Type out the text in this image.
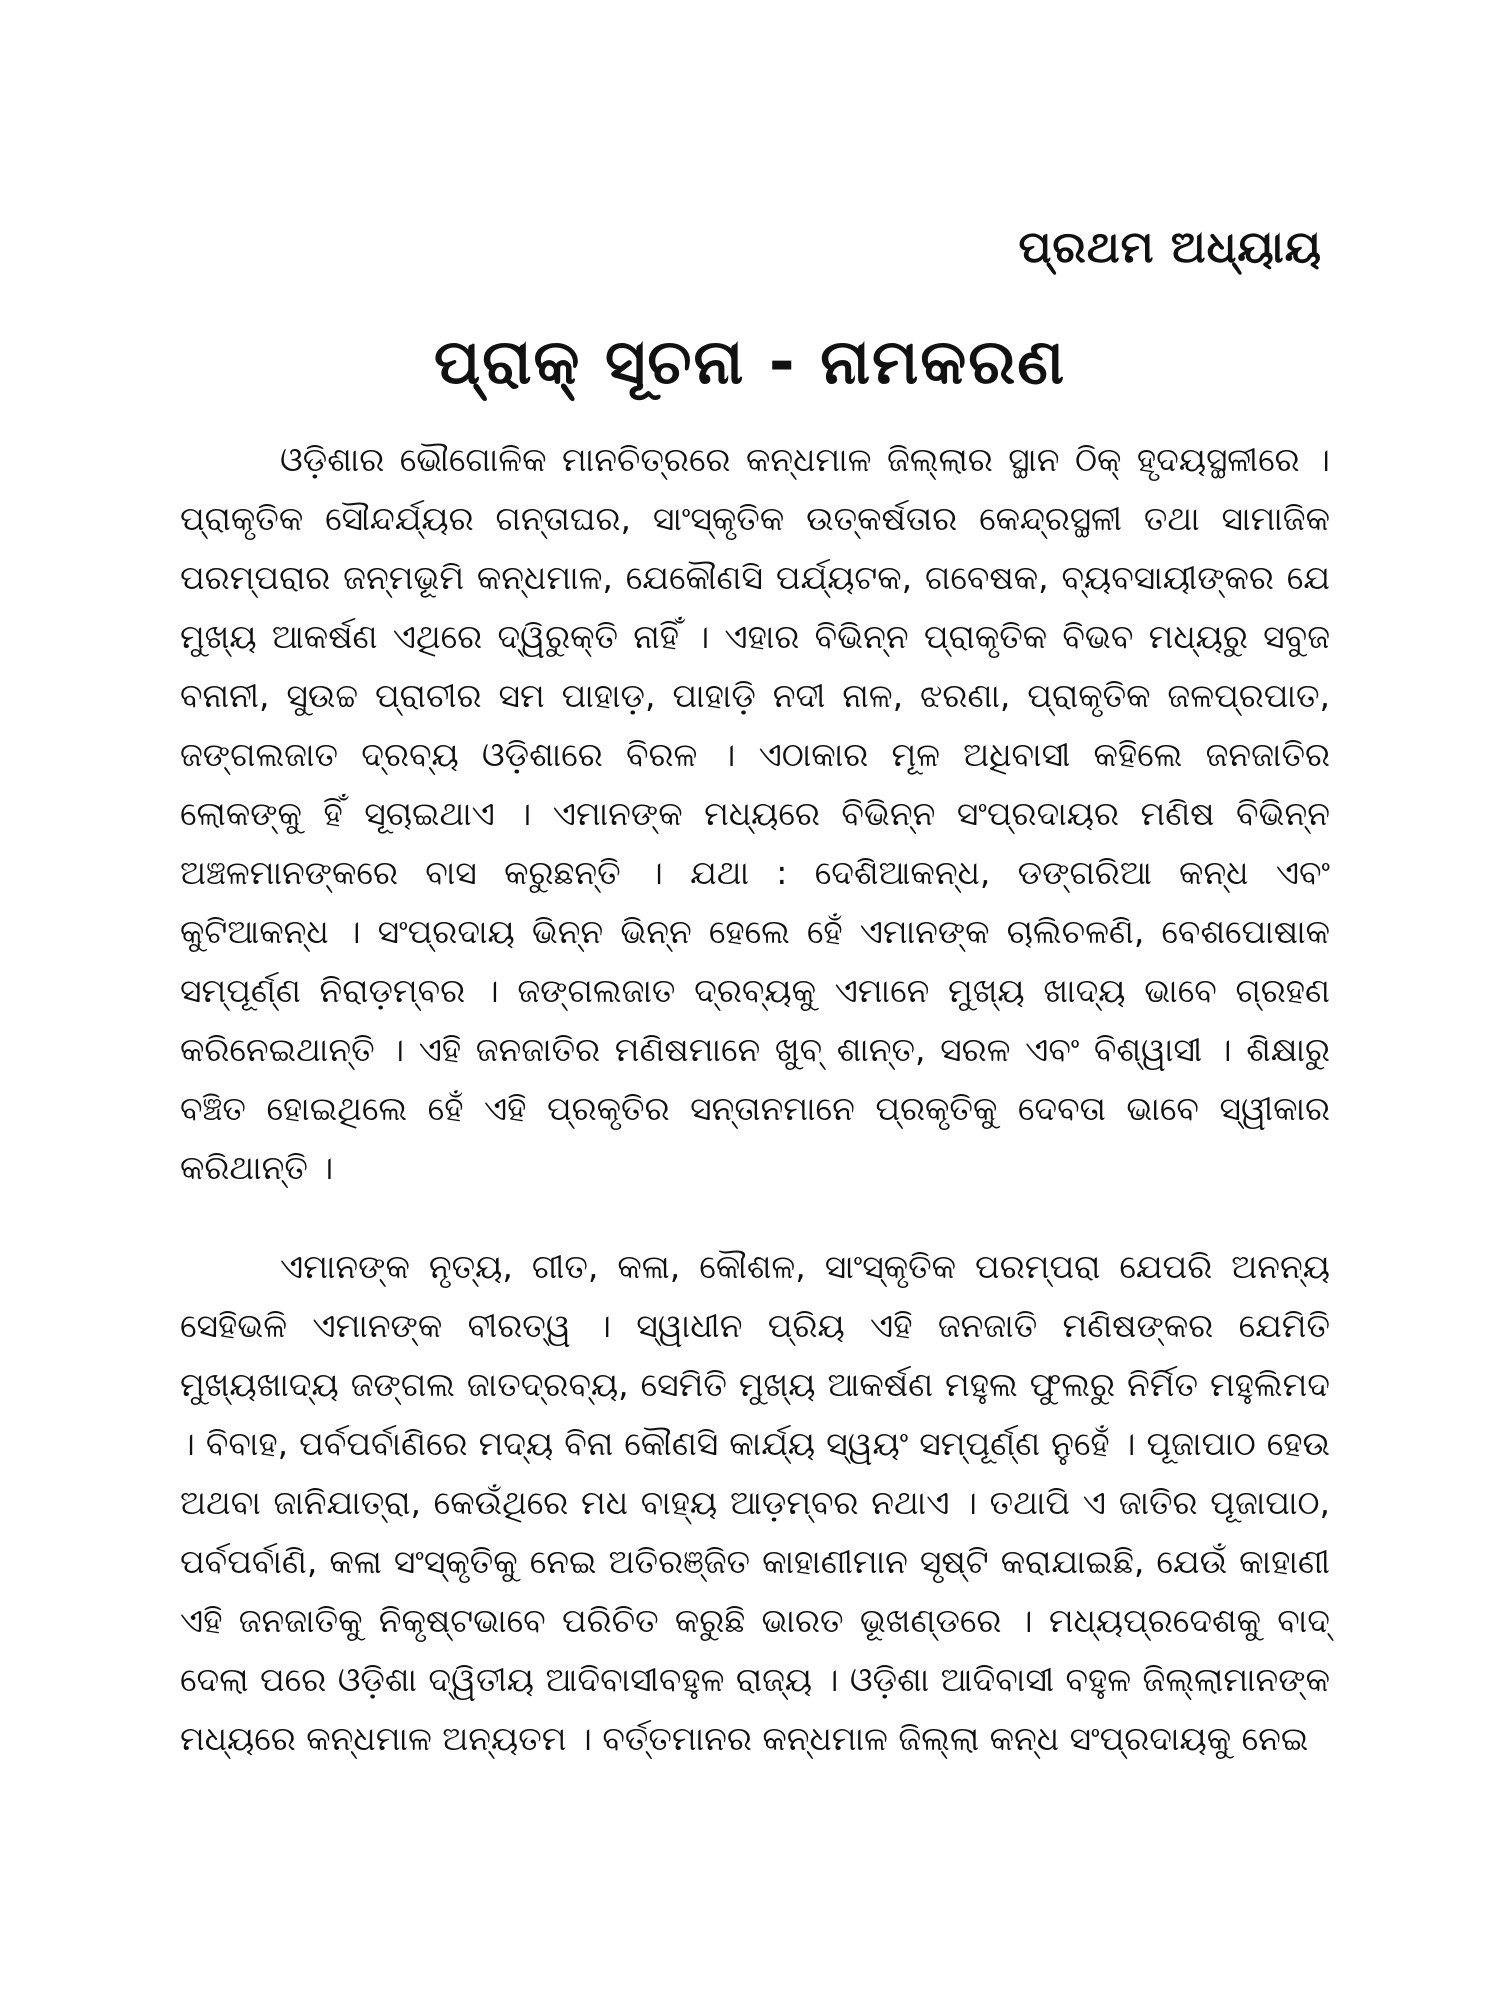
ପ୍ରଥମ ଅଧ୍ୟାୟ
ପ୍ରାକ୍ ସୂଚନା - ନାମକରଣ

ଓଡ଼ିଶାର ଭୌଗୋଳିକ ମାନଚିତ୍ରରେ କନ୍ଧମାଳ ଜିଲ୍ଲାର ସ୍ଥାନ ଠିକ୍ ହୃଦୟସ୍ଥଳୀରେ । ପ୍ରାକୃତିକ ସୌନ୍ଦର୍ଯ୍ୟର ଗନ୍ତାଘର, ସାଂସ୍କୃତିକ ଉତ୍କର୍ଷତାର କେନ୍ଦ୍ରସ୍ଥଳୀ ତଥା ସାମାଜିକ ପରମ୍ପରାର ଜନ୍ମଭୂମି କନ୍ଧମାଳ, ଯେକୌଣସି ପର୍ଯ୍ୟଟକ, ଗବେଷକ, ବ୍ୟବସାୟୀଙ୍କର ଯେ ମୁଖ୍ୟ ଆକର୍ଷଣ ଏଥିରେ ଦ୍ୱିରୁକ୍ତି ନାହିଁ । ଏହାର ବିଭିନ୍ନ ପ୍ରାକୃତିକ ବିଭବ ମଧ୍ୟରୁ ସବୁଜ ବନାନୀ, ସୁଉଚ୍ଚ ପ୍ରାଚୀର ସମ ପାହାଡ଼, ପାହାଡ଼ି ନଦୀ ନାଳ, ଝରଣା, ପ୍ରାକୃତିକ ଜଳପ୍ରପାତ, ଜଙ୍ଗଲଜାତ ଦ୍ରବ୍ୟ ଓଡ଼ିଶାରେ ବିରଳ । ଏଠାକାର ମୂଳ ଅଧିବାସୀ କହିଲେ ଜନଜାତିର ଲୋକଙ୍କୁ ହିଁ ସୂଚାଇଥାଏ । ଏମାନଙ୍କ ମଧ୍ୟରେ ବିଭିନ୍ନ ସଂପ୍ରଦାୟର ମଣିଷ ବିଭିନ୍ନ ଅଞ୍ଚଳମାନଙ୍କରେ ବାସ କରୁଛନ୍ତି । ଯଥା : ଦେଶିଆକନ୍ଧ, ଡଙ୍ଗରିଆ କନ୍ଧ ଏବଂ କୁଟିଆକନ୍ଧ । ସଂପ୍ରଦାୟ ଭିନ୍ନ ଭିନ୍ନ ହେଲେ ହେଁ ଏମାନଙ୍କ ଚାଲିଚଳଣି, ବେଶପୋଷାକ ସମ୍ପୂର୍ଣ୍ଣ ନିରାଡ଼ମ୍ବର । ଜଙ୍ଗଲଜାତ ଦ୍ରବ୍ୟକୁ ଏମାନେ ମୁଖ୍ୟ ଖାଦ୍ୟ ଭାବେ ଗ୍ରହଣ କରିନେଇଥାନ୍ତି । ଏହି ଜନଜାତିର ମଣିଷମାନେ ଖୁବ୍ ଶାନ୍ତ, ସରଳ ଏବଂ ବିଶ୍ୱାସୀ । ଶିକ୍ଷାରୁ ବଞ୍ଚିତ ହୋଇଥିଲେ ହେଁ ଏହି ପ୍ରକୃତିର ସନ୍ତାନମାନେ ପ୍ରକୃତିକୁ ଦେବତା ଭାବେ ସ୍ୱୀକାର କରିଥାନ୍ତି ।

ଏମାନଙ୍କ ନୃତ୍ୟ, ଗୀତ, କଳା, କୌଶଳ, ସାଂସ୍କୃତିକ ପରମ୍ପରା ଯେପରି ଅନନ୍ୟ ସେହିଭଳି ଏମାନଙ୍କ ବୀରତ୍ୱ । ସ୍ୱାଧୀନ ପ୍ରିୟ ଏହି ଜନଜାତି ମଣିଷଙ୍କର ଯେମିତି ମୁଖ୍ୟଖାଦ୍ୟ ଜଙ୍ଗଲ ଜାତଦ୍ରବ୍ୟ, ସେମିତି ମୁଖ୍ୟ ଆକର୍ଷଣ ମହୁଲ ଫୁଲରୁ ନିର୍ମିତ ମହୁଲିମଦ । ବିବାହ, ପର୍ବପର୍ବାଣିରେ ମଦ୍ୟ ବିନା କୌଣସି କାର୍ଯ୍ୟ ସ୍ୱୟଂ ସମ୍ପୂର୍ଣ୍ଣ ନୁହେଁ । ପୂଜାପାଠ ହେଉ ଅଥବା ଜାନିଯାତ୍ରା, କେଉଁଥିରେ ମଧ ବାହ୍ୟ ଆଡ଼ମ୍ବର ନଥାଏ । ତଥାପି ଏ ଜାତିର ପୂଜାପାଠ, ପର୍ବପର୍ବାଣି, କଳା ସଂସ୍କୃତିକୁ ନେଇ ଅତିରଞ୍ଜିତ କାହାଣୀମାନ ସୃଷ୍ଟି କରାଯାଇଛି, ଯେଉଁ କାହାଣୀ ଏହି ଜନଜାତିକୁ ନିକୃଷ୍ଟଭାବେ ପରିଚିତ କରୁଛି ଭାରତ ଭୂଖଣ୍ଡରେ । ମଧ୍ୟପ୍ରଦେଶକୁ ବାଦ୍ ଦେଲା ପରେ ଓଡ଼ିଶା ଦ୍ୱିତୀୟ ଆଦିବାସୀବହୁଳ ରାଜ୍ୟ । ଓଡ଼ିଶା ଆଦିବାସୀ ବହୁଳ ଜିଲ୍ଲାମାନଙ୍କ ମଧ୍ୟରେ କନ୍ଧମାଳ ଅନ୍ୟତମ । ବର୍ତ୍ତମାନର କନ୍ଧମାଳ ଜିଲ୍ଲା କନ୍ଧ ସଂପ୍ରଦାୟକୁ ନେଇ
